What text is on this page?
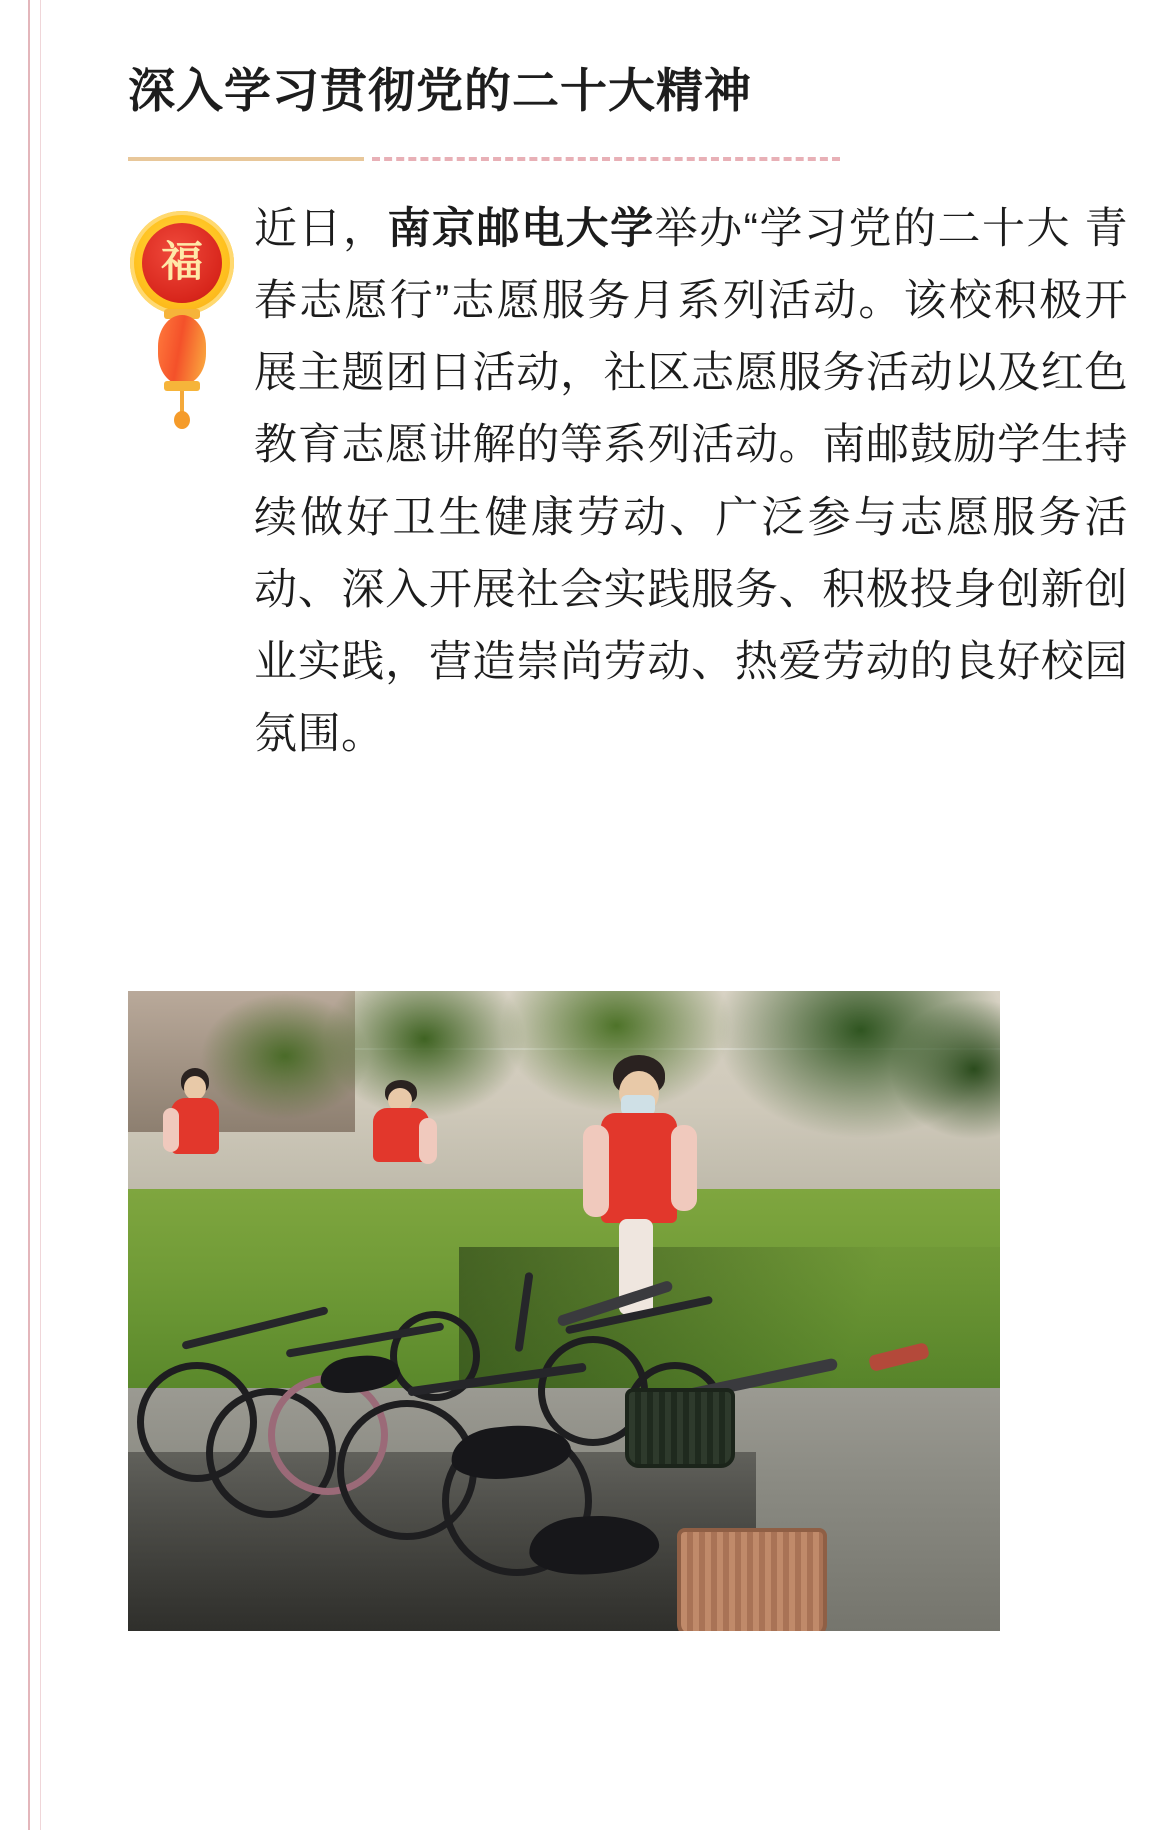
深入学习贯彻党的二十大精神
福
近日，南京邮电大学举办“学习党的二十大 青春志愿行”志愿服务月系列活动。该校积极开展主题团日活动，社区志愿服务活动以及红色教育志愿讲解的等系列活动。南邮鼓励学生持续做好卫生健康劳动、广泛参与志愿服务活动、深入开展社会实践服务、积极投身创新创业实践，营造崇尚劳动、热爱劳动的良好校园氛围。
